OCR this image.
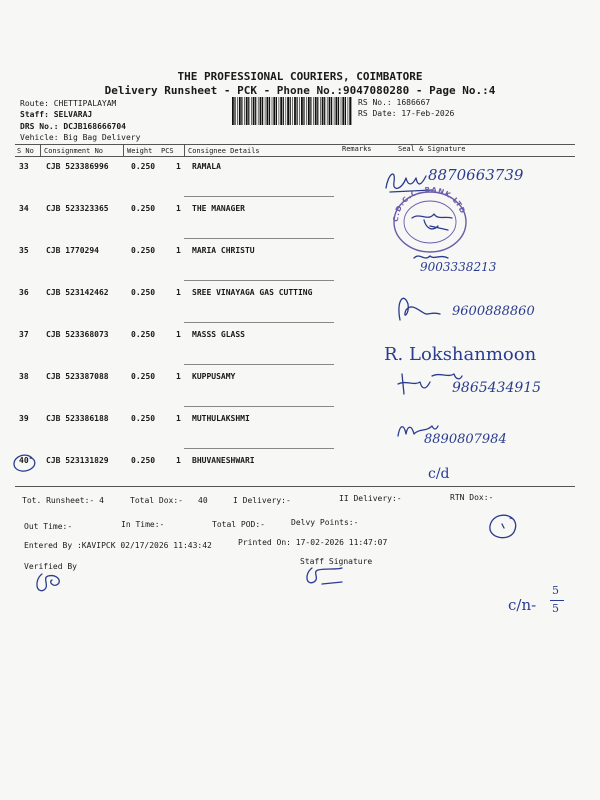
THE PROFESSIONAL COURIERS, COIMBATORE
Delivery Runsheet - PCK - Phone No.:9047080280 - Page No.:4
Route: CHETTIPALAYAM
Staff: SELVARAJ
DRS No.: DCJB168666704
Vehicle: Big Bag Delivery
RS No.: 1686667
RS Date: 17-Feb-2026
S No Consignment No	Weight PCS Consignee Details	Remarks	Seal & Signature
33 CJB 523386996	0.250	1 RAMALA
34 CJB 523323365	0.250	1 THE MANAGER
35 CJB 1770294	0.250	1 MARIA CHRISTU
36 CJB 523142462	0.250	1 SREE VINAYAGA GAS CUTTING
37 CJB 523368073	0.250	1 MASSS GLASS
38 CJB 523387088	0.250	1 KUPPUSAMY
39 CJB 523386188	0.250	1 MUTHULAKSHMI
40 CJB 523131829	0.250	1 BHUVANESHWARI
8870663739
C.D.C.C. BANK LTD
9003338213
9600888860
R. Lokshanmoon
9865434915
8890807984
c/d
Tot. Runsheet:- 4	Total Dox:- 40	I Delivery:-	II Delivery:-	RTN Dox:-
Out Time:-	In Time:-	Total POD:-	Delvy Points:-
Entered By :KAVIPCK 02/17/2026 11:43:42	Printed On: 17-02-2026 11:47:07
Verified By
Staff Signature
c/n-
5
5
